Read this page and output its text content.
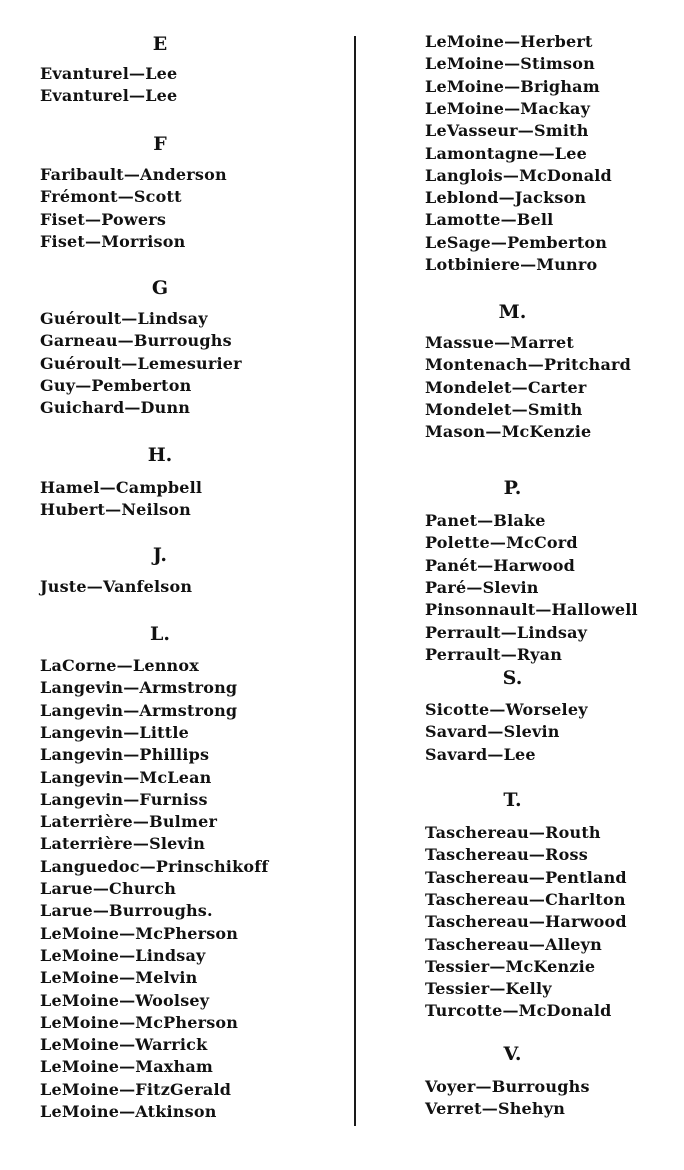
E
Evanturel—Lee
Evanturel—Lee
F
Faribault—Anderson
Frémont—Scott
Fiset—Powers
Fiset—Morrison
G
Guéroult—Lindsay
Garneau—Burroughs
Guéroult—Lemesurier
Guy—Pemberton
Guichard—Dunn
H.
Hamel—Campbell
Hubert—Neilson
J.
Juste—Vanfelson
L.
LaCorne—Lennox
Langevin—Armstrong
Langevin—Armstrong
Langevin—Little
Langevin—Phillips
Langevin—McLean
Langevin—Furniss
Laterrière—Bulmer
Laterrière—Slevin
Languedoc—Prinschikoff
Larue—Church
Larue—Burroughs.
LeMoine—McPherson
LeMoine—Lindsay
LeMoine—Melvin
LeMoine—Woolsey
LeMoine—McPherson
LeMoine—Warrick
LeMoine—Maxham
LeMoine—FitzGerald
LeMoine—Atkinson
LeMoine—Herbert
LeMoine—Stimson
LeMoine—Brigham
LeMoine—Mackay
LeVasseur—Smith
Lamontagne—Lee
Langlois—McDonald
Leblond—Jackson
Lamotte—Bell
LeSage—Pemberton
Lotbiniere—Munro
M.
Massue—Marret
Montenach—Pritchard
Mondelet—Carter
Mondelet—Smith
Mason—McKenzie
P.
Panet—Blake
Polette—McCord
Panét—Harwood
Paré—Slevin
Pinsonnault—Hallowell
Perrault—Lindsay
Perrault—Ryan
S.
Sicotte—Worseley
Savard—Slevin
Savard—Lee
T.
Taschereau—Routh
Taschereau—Ross
Taschereau—Pentland
Taschereau—Charlton
Taschereau—Harwood
Taschereau—Alleyn
Tessier—McKenzie
Tessier—Kelly
Turcotte—McDonald
V.
Voyer—Burroughs
Verret—Shehyn
